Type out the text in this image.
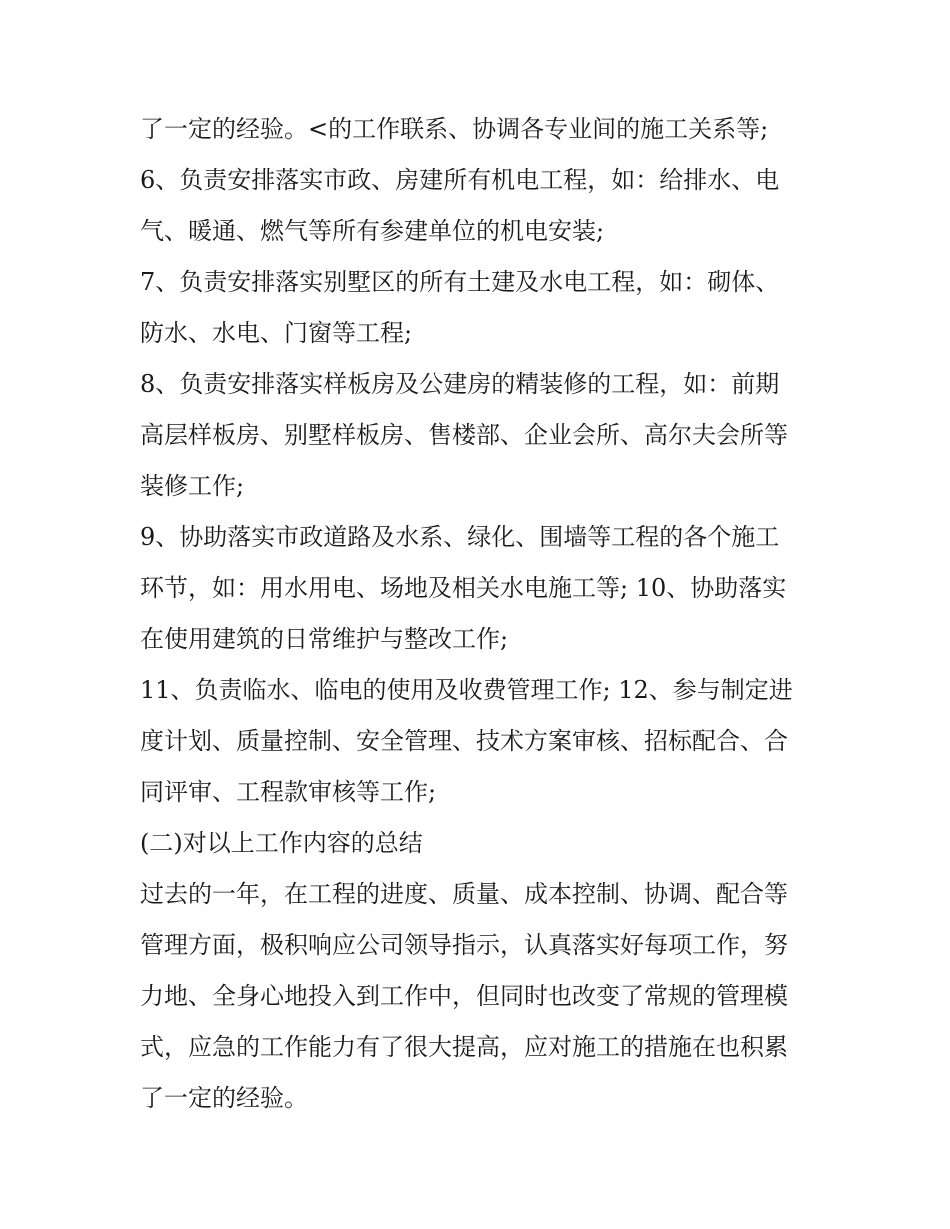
了一定的经验。<的工作联系、协调各专业间的施工关系等;
6、负责安排落实市政、房建所有机电工程，如：给排水、电
气、暖通、燃气等所有参建单位的机电安装;
7、负责安排落实别墅区的所有土建及水电工程，如：砌体、
防水、水电、门窗等工程;
8、负责安排落实样板房及公建房的精装修的工程，如：前期
高层样板房、别墅样板房、售楼部、企业会所、高尔夫会所等
装修工作;
9、协助落实市政道路及水系、绿化、围墙等工程的各个施工
环节，如：用水用电、场地及相关水电施工等; 10、协助落实
在使用建筑的日常维护与整改工作;
11、负责临水、临电的使用及收费管理工作; 12、参与制定进
度计划、质量控制、安全管理、技术方案审核、招标配合、合
同评审、工程款审核等工作;
(二)对以上工作内容的总结
过去的一年，在工程的进度、质量、成本控制、协调、配合等
管理方面，极积响应公司领导指示，认真落实好每项工作，努
力地、全身心地投入到工作中，但同时也改变了常规的管理模
式，应急的工作能力有了很大提高，应对施工的措施在也积累
了一定的经验。
